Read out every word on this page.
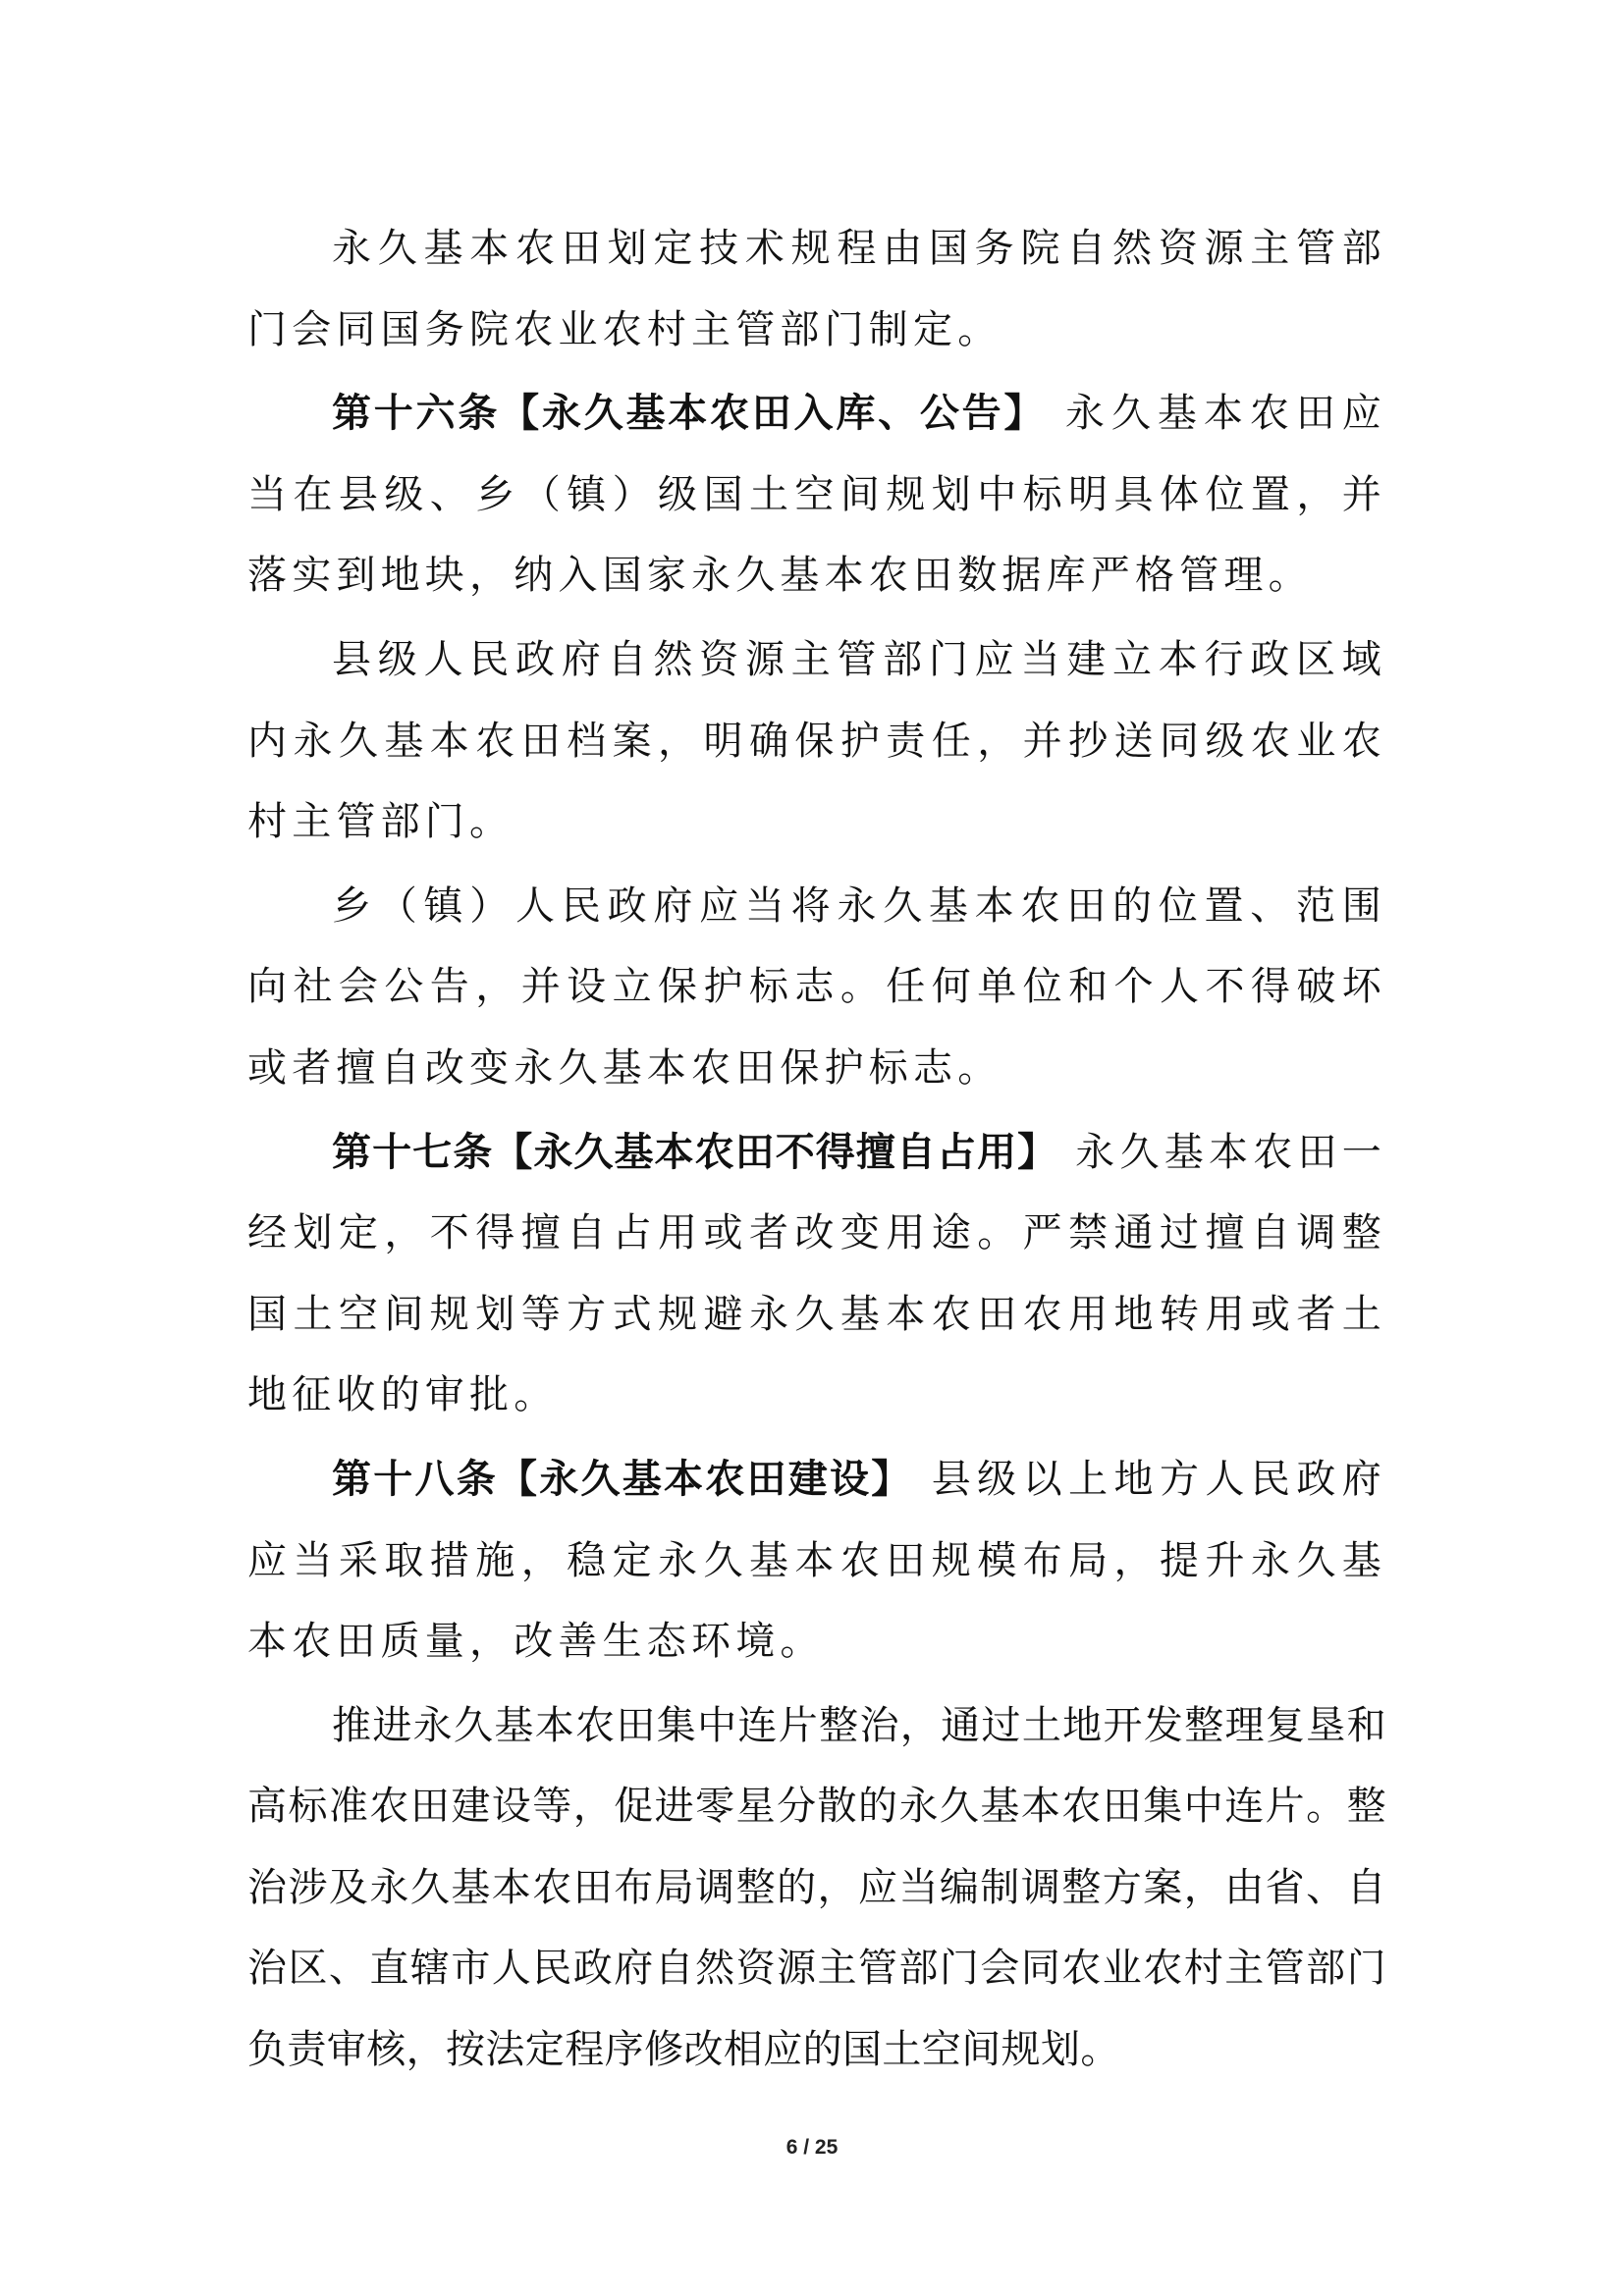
永久基本农田划定技术规程由国务院自然资源主管部门会同国务院农业农村主管部门制定。

第十六条【永久基本农田入库、公告】 永久基本农田应当在县级、乡（镇）级国土空间规划中标明具体位置，并落实到地块，纳入国家永久基本农田数据库严格管理。

县级人民政府自然资源主管部门应当建立本行政区域内永久基本农田档案，明确保护责任，并抄送同级农业农村主管部门。

乡（镇）人民政府应当将永久基本农田的位置、范围向社会公告，并设立保护标志。任何单位和个人不得破坏或者擅自改变永久基本农田保护标志。

第十七条【永久基本农田不得擅自占用】 永久基本农田一经划定，不得擅自占用或者改变用途。严禁通过擅自调整国土空间规划等方式规避永久基本农田农用地转用或者土地征收的审批。

第十八条【永久基本农田建设】 县级以上地方人民政府应当采取措施，稳定永久基本农田规模布局，提升永久基本农田质量，改善生态环境。

推进永久基本农田集中连片整治，通过土地开发整理复垦和高标准农田建设等，促进零星分散的永久基本农田集中连片。整治涉及永久基本农田布局调整的，应当编制调整方案，由省、自治区、直辖市人民政府自然资源主管部门会同农业农村主管部门负责审核，按法定程序修改相应的国土空间规划。

6 / 25
